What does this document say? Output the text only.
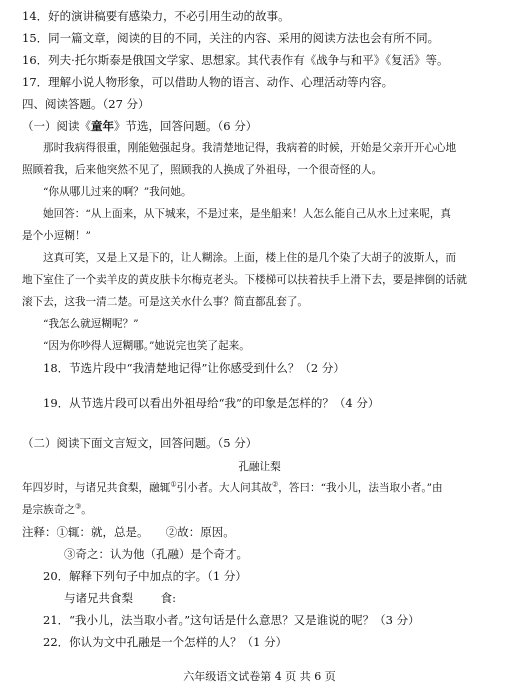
14．好的演讲稿要有感染力，不必引用生动的故事。
15．同一篇文章，阅读的目的不同，关注的内容、采用的阅读方法也会有所不同。
16．列夫·托尔斯泰是俄国文学家、思想家。其代表作有《战争与和平》《复活》等。
17．理解小说人物形象，可以借助人物的语言、动作、心理活动等内容。
四、阅读答题。（27 分）
（一）阅读《童年》节选，回答问题。（6 分）
那时我病得很重，刚能勉强起身。我清楚地记得，我病着的时候，开始是父亲开开心心地
照顾着我，后来他突然不见了，照顾我的人换成了外祖母，一个很奇怪的人。
“你从哪儿过来的啊？”我问她。
她回答：“从上面来，从下城来，不是过来，是坐船来！人怎么能自己从水上过来呢，真
是个小逗糊！”
这真可笑，又是上又是下的，让人糊涂。上面，楼上住的是几个染了大胡子的波斯人，而
地下室住了一个卖羊皮的黄皮肤卡尔梅克老头。下楼梯可以扶着扶手上滑下去，要是摔倒的话就
滚下去，这我一清二楚。可是这关水什么事？简直都乱套了。
“我怎么就逗糊呢？”
“因为你吵得人逗糊哪。”她说完也笑了起来。
18．节选片段中“我清楚地记得”让你感受到什么？（2 分）
19．从节选片段可以看出外祖母给“我”的印象是怎样的？（4 分）
（二）阅读下面文言短文，回答问题。（5 分）
孔融让梨
年四岁时，与诸兄共食梨，融辄①引小者。大人问其故②，答曰：“我小儿，法当取小者。”由
是宗族奇之③。
注释：①辄：就，总是。　　②故：原因。
③奇之：认为他（孔融）是个奇才。
20．解释下列句子中加点的字。（1 分）
与诸兄共食梨 食:
21．“我小儿，法当取小者。”这句话是什么意思？又是谁说的呢？（3 分）
22．你认为文中孔融是一个怎样的人？（1 分）
六年级语文试卷第 4 页 共 6 页
